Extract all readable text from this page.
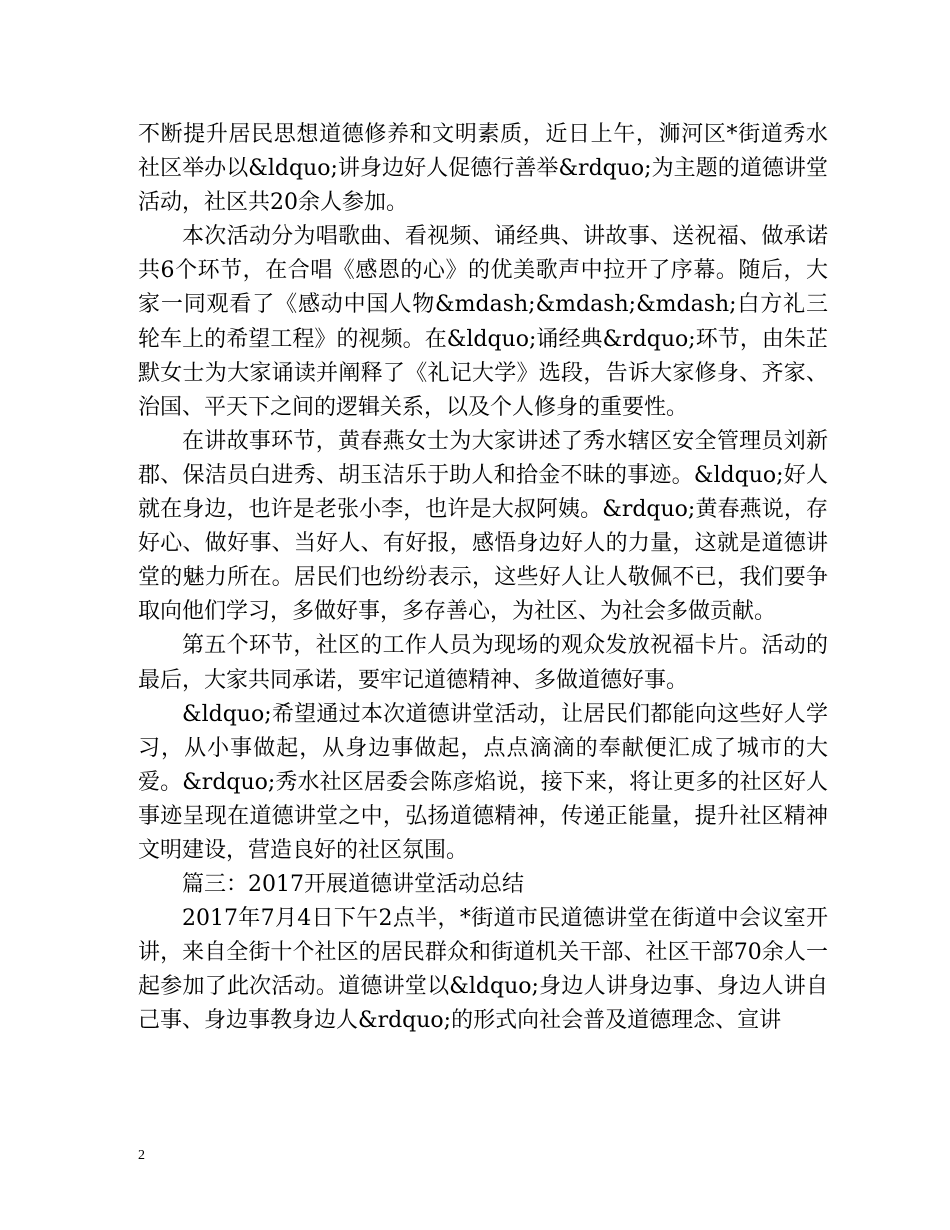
不断提升居民思想道德修养和文明素质，近日上午，浉河区*街道秀水社区举办以&ldquo;讲身边好人促德行善举&rdquo;为主题的道德讲堂活动，社区共20余人参加。

本次活动分为唱歌曲、看视频、诵经典、讲故事、送祝福、做承诺共6个环节，在合唱《感恩的心》的优美歌声中拉开了序幕。随后，大家一同观看了《感动中国人物&mdash;&mdash;&mdash;白方礼三轮车上的希望工程》的视频。在&ldquo;诵经典&rdquo;环节，由朱芷默女士为大家诵读并阐释了《礼记大学》选段，告诉大家修身、齐家、治国、平天下之间的逻辑关系，以及个人修身的重要性。

在讲故事环节，黄春燕女士为大家讲述了秀水辖区安全管理员刘新郡、保洁员白进秀、胡玉洁乐于助人和拾金不昧的事迹。&ldquo;好人就在身边，也许是老张小李，也许是大叔阿姨。&rdquo;黄春燕说，存好心、做好事、当好人、有好报，感悟身边好人的力量，这就是道德讲堂的魅力所在。居民们也纷纷表示，这些好人让人敬佩不已，我们要争取向他们学习，多做好事，多存善心，为社区、为社会多做贡献。

第五个环节，社区的工作人员为现场的观众发放祝福卡片。活动的最后，大家共同承诺，要牢记道德精神、多做道德好事。

&ldquo;希望通过本次道德讲堂活动，让居民们都能向这些好人学习，从小事做起，从身边事做起，点点滴滴的奉献便汇成了城市的大爱。&rdquo;秀水社区居委会陈彦焰说，接下来，将让更多的社区好人事迹呈现在道德讲堂之中，弘扬道德精神，传递正能量，提升社区精神文明建设，营造良好的社区氛围。

篇三：2017开展道德讲堂活动总结

2017年7月4日下午2点半，*街道市民道德讲堂在街道中会议室开讲，来自全街十个社区的居民群众和街道机关干部、社区干部70余人一起参加了此次活动。道德讲堂以&ldquo;身边人讲身边事、身边人讲自己事、身边事教身边人&rdquo;的形式向社会普及道德理念、宣讲

2
